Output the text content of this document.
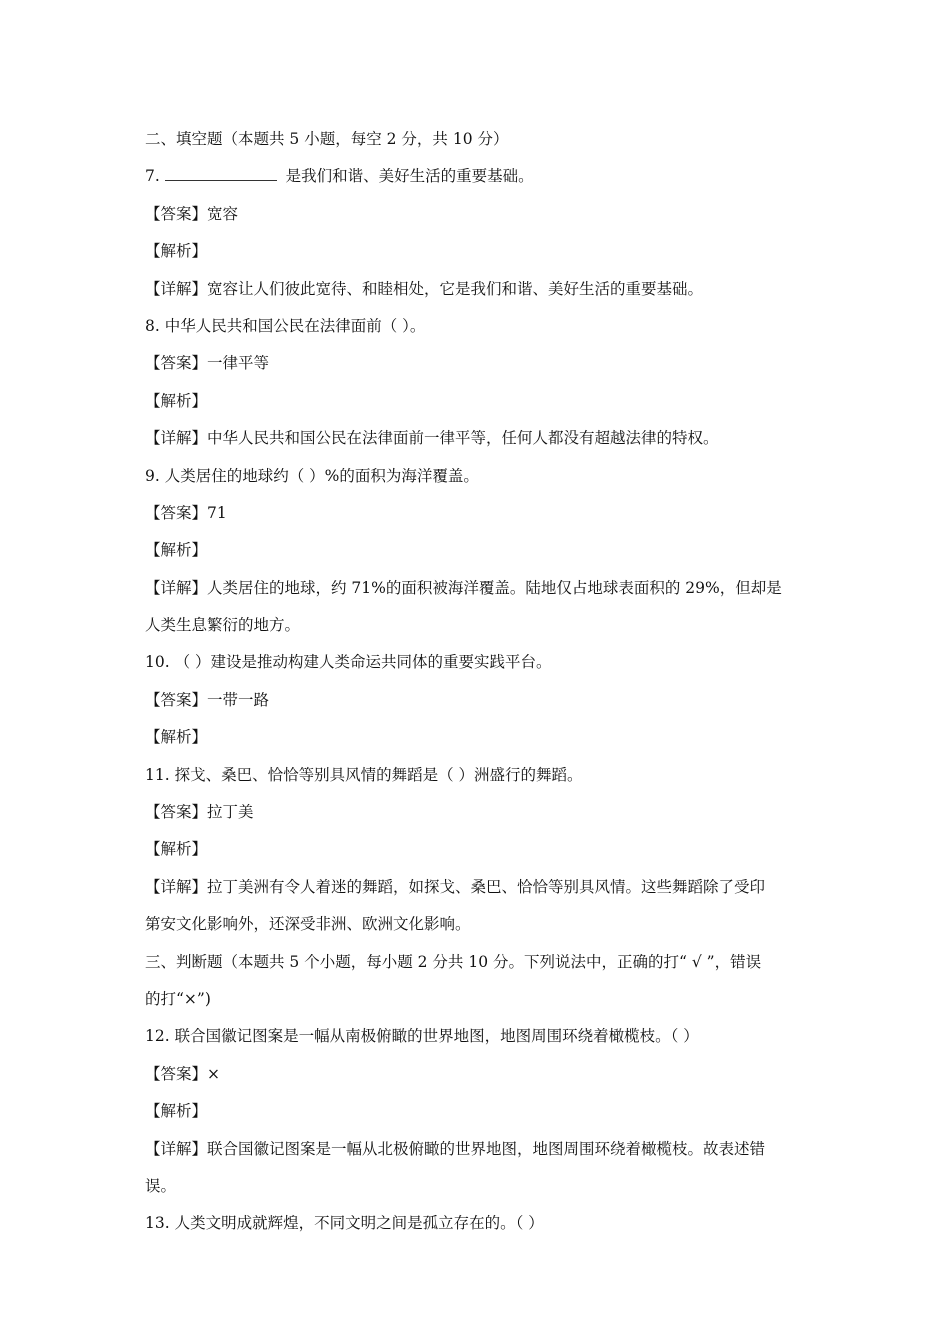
二、填空题（本题共 5 小题，每空 2 分，共 10 分）
7.	是我们和谐、美好生活的重要基础。
【答案】宽容
【解析】
【详解】宽容让人们彼此宽待、和睦相处，它是我们和谐、美好生活的重要基础。
8. 中华人民共和国公民在法律面前（ ）。
【答案】一律平等
【解析】
【详解】中华人民共和国公民在法律面前一律平等，任何人都没有超越法律的特权。
9. 人类居住的地球约（ ）%的面积为海洋覆盖。
【答案】71
【解析】
【详解】人类居住的地球，约 71%的面积被海洋覆盖。陆地仅占地球表面积的 29%，但却是
人类生息繁衍的地方。
10. （ ）建设是推动构建人类命运共同体的重要实践平台。
【答案】一带一路
【解析】
11. 探戈、桑巴、恰恰等别具风情的舞蹈是（ ）洲盛行的舞蹈。
【答案】拉丁美
【解析】
【详解】拉丁美洲有令人着迷的舞蹈，如探戈、桑巴、恰恰等别具风情。这些舞蹈除了受印
第安文化影响外，还深受非洲、欧洲文化影响。
三、判断题（本题共 5 个小题，每小题 2 分共 10 分。下列说法中，正确的打“ √ ”，错误
的打“×”)
12. 联合国徽记图案是一幅从南极俯瞰的世界地图，地图周围环绕着橄榄枝。（ ）
【答案】×
【解析】
【详解】联合国徽记图案是一幅从北极俯瞰的世界地图，地图周围环绕着橄榄枝。故表述错
误。
13. 人类文明成就辉煌，不同文明之间是孤立存在的。（ ）
